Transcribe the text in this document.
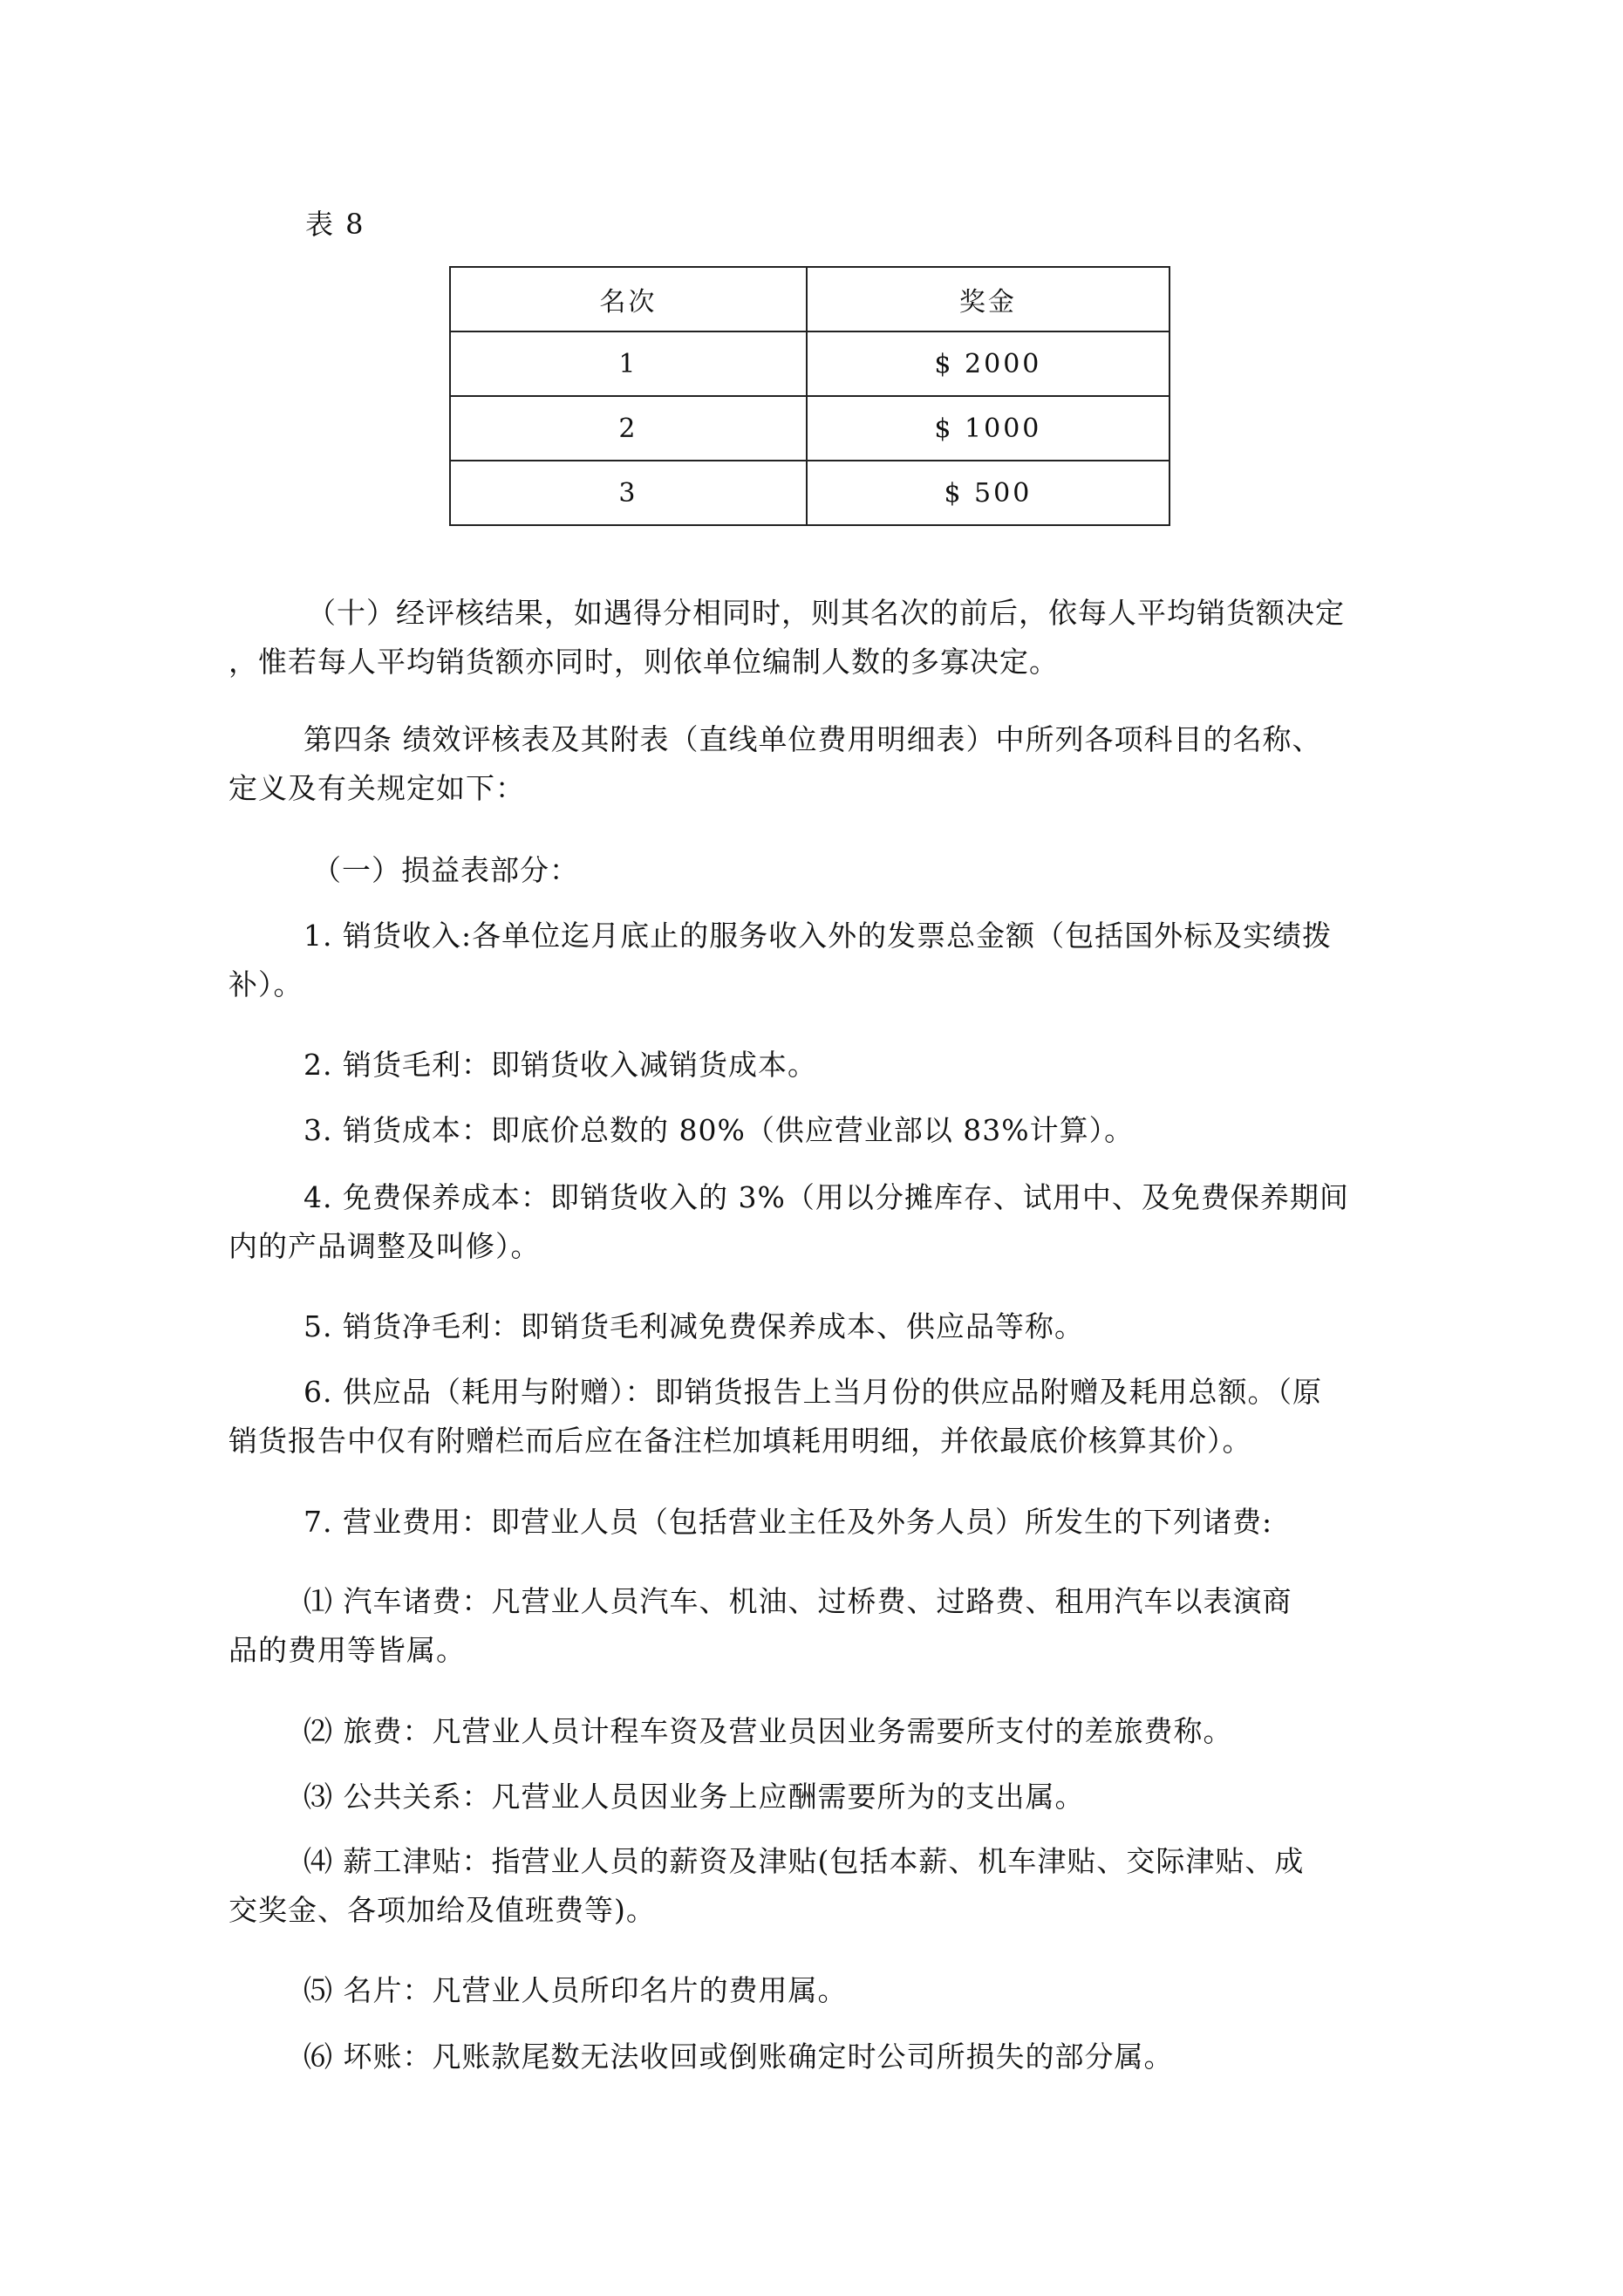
表 8
名次	奖金
1	$ 2000
2	$ 1000
3	$ 500
（十）经评核结果，如遇得分相同时，则其名次的前后，依每人平均销货额决定
，惟若每人平均销货额亦同时，则依单位编制人数的多寡决定。
第四条 绩效评核表及其附表（直线单位费用明细表）中所列各项科目的名称、
定义及有关规定如下：
（一）损益表部分：
1. 销货收入:各单位迄月底止的服务收入外的发票总金额（包括国外标及实绩拨
补）。
2. 销货毛利：即销货收入减销货成本。
3. 销货成本：即底价总数的 80%（供应营业部以 83%计算）。
4. 免费保养成本：即销货收入的 3%（用以分摊库存、试用中、及免费保养期间
内的产品调整及叫修）。
5. 销货净毛利：即销货毛利减免费保养成本、供应品等称。
6. 供应品（耗用与附赠）：即销货报告上当月份的供应品附赠及耗用总额。（原
销货报告中仅有附赠栏而后应在备注栏加填耗用明细，并依最底价核算其价）。
7. 营业费用：即营业人员（包括营业主任及外务人员）所发生的下列诸费:
⑴ 汽车诸费：凡营业人员汽车、机油、过桥费、过路费、租用汽车以表演商
品的费用等皆属。
⑵ 旅费：凡营业人员计程车资及营业员因业务需要所支付的差旅费称。
⑶ 公共关系：凡营业人员因业务上应酬需要所为的支出属。
⑷ 薪工津贴：指营业人员的薪资及津贴(包括本薪、机车津贴、交际津贴、成
交奖金、各项加给及值班费等)。
⑸ 名片：凡营业人员所印名片的费用属。
⑹ 坏账：凡账款尾数无法收回或倒账确定时公司所损失的部分属。
